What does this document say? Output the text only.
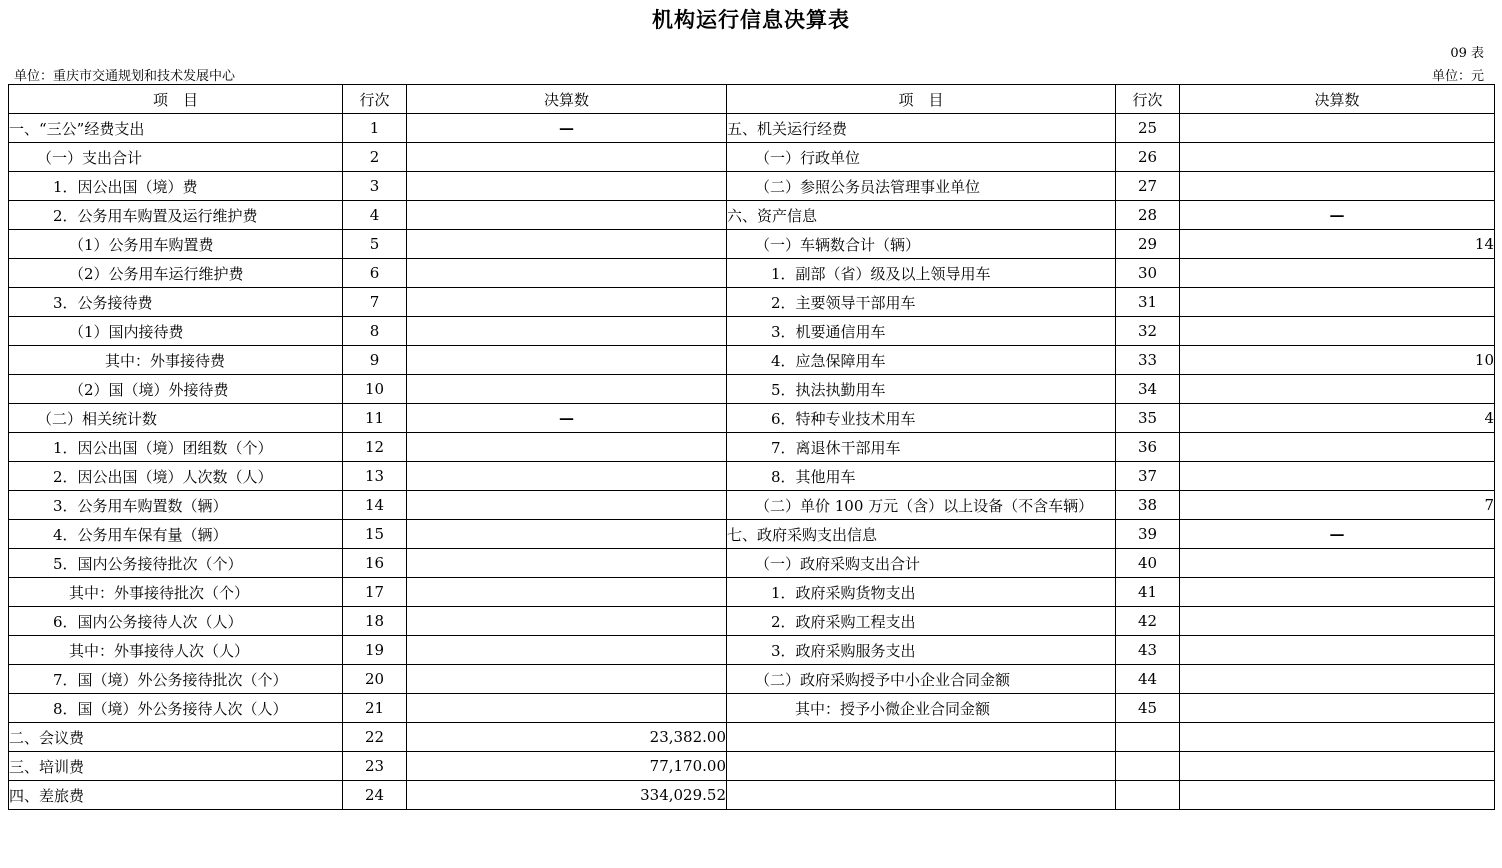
机构运行信息决算表
09 表
单位：重庆市交通规划和技术发展中心	单位：元
项　目	行次	决算数	项　目	行次	决算数
一、“三公”经费支出	1	—	五、机关运行经费	25	
（一）支出合计	2		（一）行政单位	26	
1．因公出国（境）费	3		（二）参照公务员法管理事业单位	27	
2．公务用车购置及运行维护费	4		六、资产信息	28	—
（1）公务用车购置费	5		（一）车辆数合计（辆）	29	14
（2）公务用车运行维护费	6		1．副部（省）级及以上领导用车	30	
3．公务接待费	7		2．主要领导干部用车	31	
（1）国内接待费	8		3．机要通信用车	32	
其中：外事接待费	9		4．应急保障用车	33	10
（2）国（境）外接待费	10		5．执法执勤用车	34	
（二）相关统计数	11	—	6．特种专业技术用车	35	4
1．因公出国（境）团组数（个）	12		7．离退休干部用车	36	
2．因公出国（境）人次数（人）	13		8．其他用车	37	
3．公务用车购置数（辆）	14		（二）单价 100 万元（含）以上设备（不含车辆）	38	7
4．公务用车保有量（辆）	15		七、政府采购支出信息	39	—
5．国内公务接待批次（个）	16		（一）政府采购支出合计	40	
其中：外事接待批次（个）	17		1．政府采购货物支出	41	
6．国内公务接待人次（人）	18		2．政府采购工程支出	42	
其中：外事接待人次（人）	19		3．政府采购服务支出	43	
7．国（境）外公务接待批次（个）	20		（二）政府采购授予中小企业合同金额	44	
8．国（境）外公务接待人次（人）	21		其中：授予小微企业合同金额	45	
二、会议费	22	23,382.00			
三、培训费	23	77,170.00			
四、差旅费	24	334,029.52			
